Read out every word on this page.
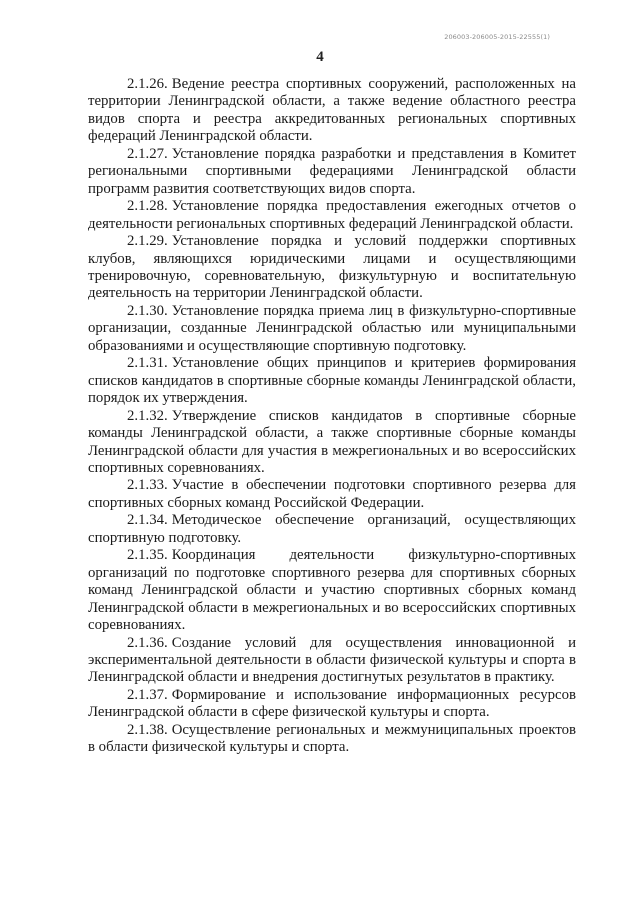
206003-206005-2015-22555(1)
4

2.1.26. Ведение реестра спортивных сооружений, расположенных на территории Ленинградской области, а также ведение областного реестра видов спорта и реестра аккредитованных региональных спортивных федераций Ленинградской области.

2.1.27. Установление порядка разработки и представления в Комитет региональными спортивными федерациями Ленинградской области программ развития соответствующих видов спорта.

2.1.28. Установление порядка предоставления ежегодных отчетов о деятельности региональных спортивных федераций Ленинградской области.

2.1.29. Установление порядка и условий поддержки спортивных клубов, являющихся юридическими лицами и осуществляющими тренировочную, соревновательную, физкультурную и воспитательную деятельность на территории Ленинградской области.

2.1.30. Установление порядка приема лиц в физкультурно-спортивные организации, созданные Ленинградской областью или муниципальными образованиями и осуществляющие спортивную подготовку.

2.1.31. Установление общих принципов и критериев формирования списков кандидатов в спортивные сборные команды Ленинградской области, порядок их утверждения.

2.1.32. Утверждение списков кандидатов в спортивные сборные команды Ленинградской области, а также спортивные сборные команды Ленинградской области для участия в межрегиональных и во всероссийских спортивных соревнованиях.

2.1.33. Участие в обеспечении подготовки спортивного резерва для спортивных сборных команд Российской Федерации.

2.1.34. Методическое обеспечение организаций, осуществляющих спортивную подготовку.

2.1.35. Координация деятельности физкультурно-спортивных организаций по подготовке спортивного резерва для спортивных сборных команд Ленинградской области и участию спортивных сборных команд Ленинградской области в межрегиональных и во всероссийских спортивных соревнованиях.

2.1.36. Создание условий для осуществления инновационной и экспериментальной деятельности в области физической культуры и спорта в Ленинградской области и внедрения достигнутых результатов в практику.

2.1.37. Формирование и использование информационных ресурсов Ленинградской области в сфере физической культуры и спорта.

2.1.38. Осуществление региональных и межмуниципальных проектов в области физической культуры и спорта.
